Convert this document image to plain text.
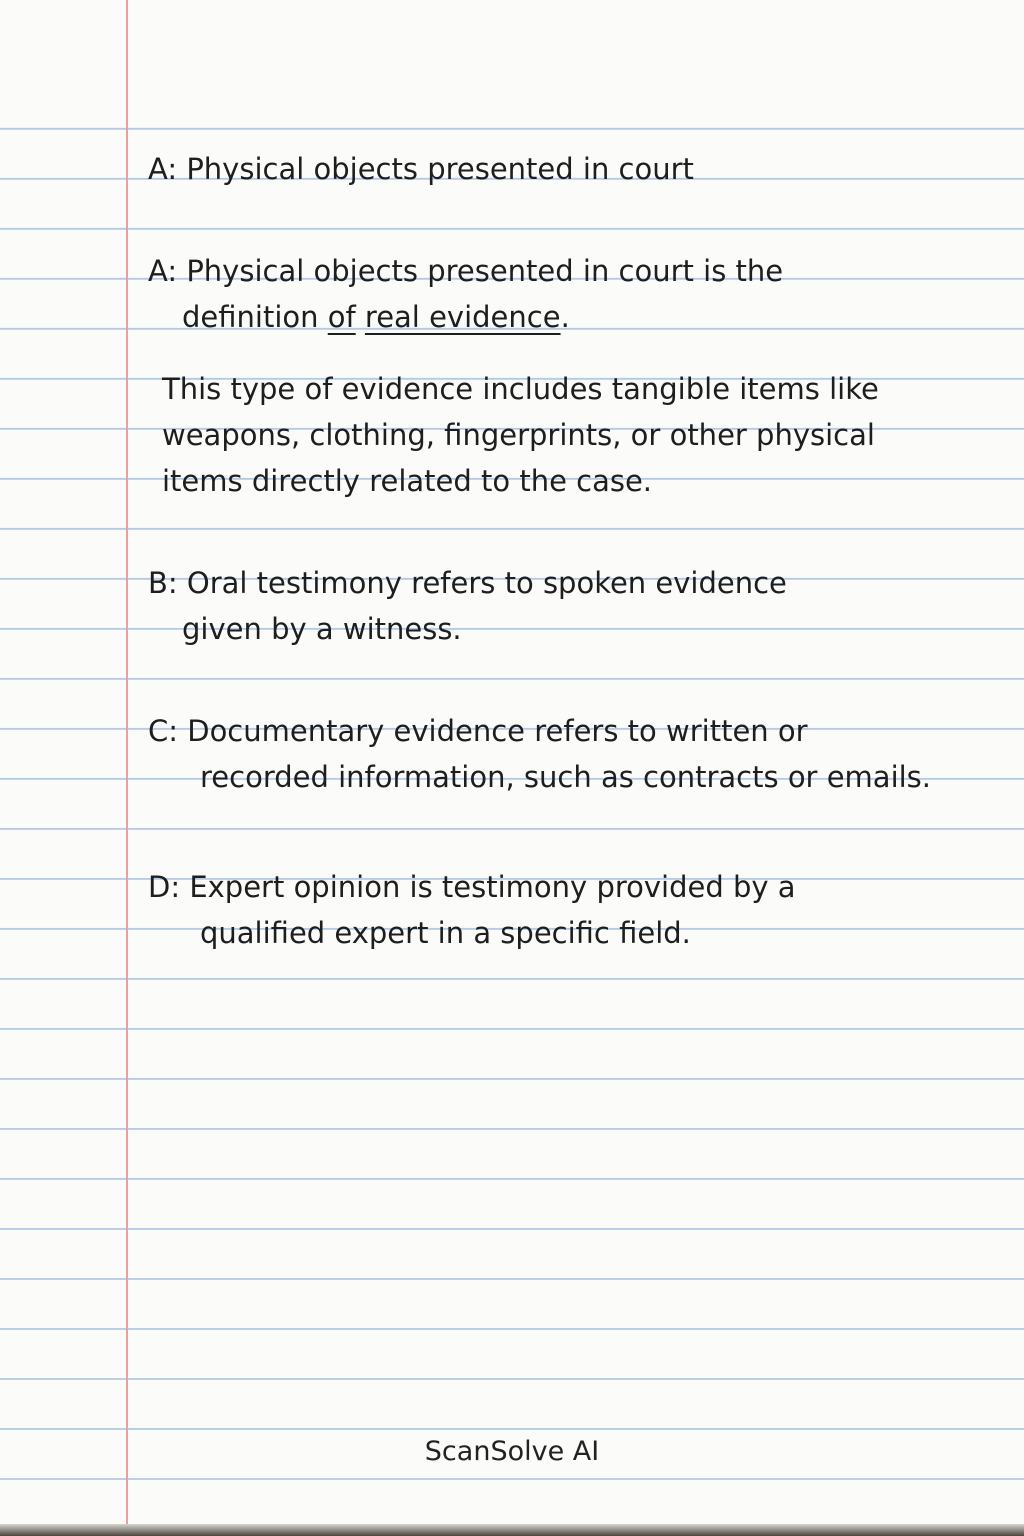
A: Physical objects presented in court

A: Physical objects presented in court is the
definition of real evidence.

This type of evidence includes tangible items like
weapons, clothing, fingerprints, or other physical
items directly related to the case.

B: Oral testimony refers to spoken evidence
given by a witness.

C: Documentary evidence refers to written or
recorded information, such as contracts or emails.

D: Expert opinion is testimony provided by a
qualified expert in a specific field.

ScanSolve AI
